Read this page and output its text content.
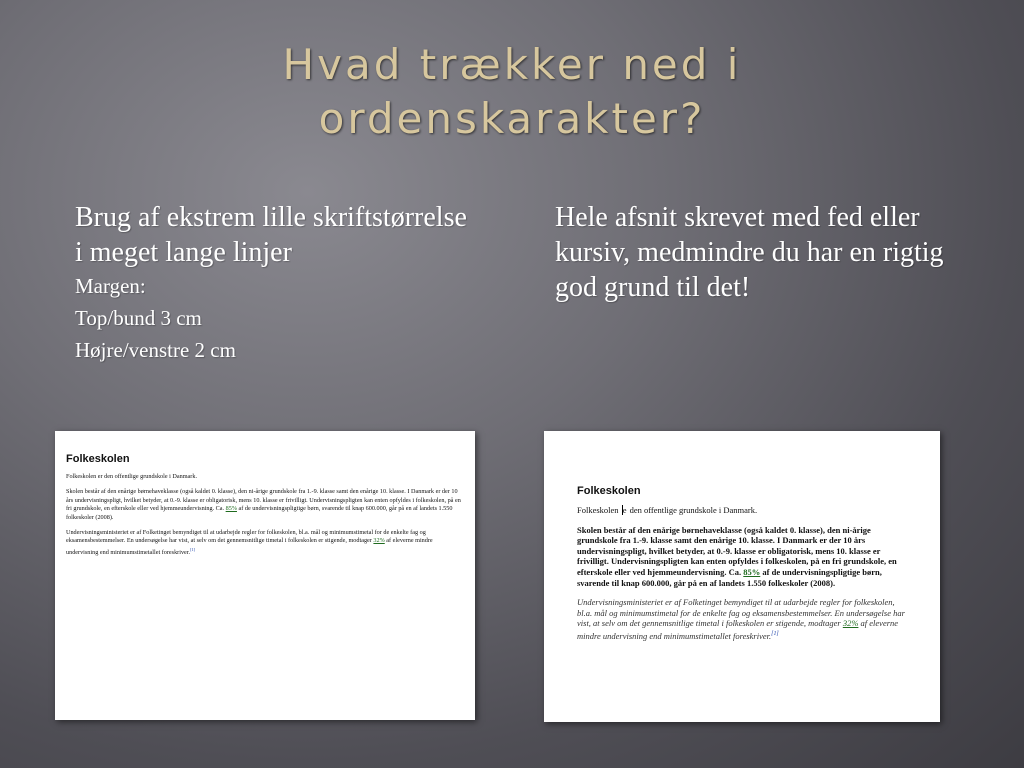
Hvad trækker ned i
ordenskarakter?
Brug af ekstrem lille skriftstørrelse i meget lange linjer
Margen:
Top/bund 3 cm
Højre/venstre 2 cm
Hele afsnit skrevet med fed eller kursiv, medmindre du har en rigtig god grund til det!

Folkeskolen

Folkeskolen er den offentlige grundskole i Danmark.

Skolen består af den enårige børnehaveklasse (også kaldet 0. klasse), den ni-årige grundskole fra 1.-9. klasse samt den enårige 10. klasse. I Danmark er der 10 års undervisningspligt, hvilket betyder, at 0.-9. klasse er obligatorisk, mens 10. klasse er frivilligt. Undervisningspligten kan enten opfyldes i folkeskolen, på en fri grundskole, en efterskole eller ved hjemmeundervisning. Ca. 85% af de undervisningspligtige børn, svarende til knap 600.000, går på en af landets 1.550 folkeskoler (2008).

Undervisningsministeriet er af Folketinget bemyndiget til at udarbejde regler for folkeskolen, bl.a. mål og minimumstimetal for de enkelte fag og eksamensbestemmelser. En undersøgelse har vist, at selv om det gennemsnitlige timetal i folkeskolen er stigende, modtager 32% af eleverne mindre undervisning end minimumstimetallet foreskriver.[1]

Folkeskolen

Folkeskolen e den offentlige grundskole i Danmark.

Skolen består af den enårige børnehaveklasse (også kaldet 0. klasse), den ni-årige grundskole fra 1.-9. klasse samt den enårige 10. klasse. I Danmark er der 10 års undervisningspligt, hvilket betyder, at 0.-9. klasse er obligatorisk, mens 10. klasse er frivilligt. Undervisningspligten kan enten opfyldes i folkeskolen, på en fri grundskole, en efterskole eller ved hjemmeundervisning. Ca. 85% af de undervisningspligtige børn, svarende til knap 600.000, går på en af landets 1.550 folkeskoler (2008).

Undervisningsministeriet er af Folketinget bemyndiget til at udarbejde regler for folkeskolen, bl.a. mål og minimumstimetal for de enkelte fag og eksamensbestemmelser. En undersøgelse har vist, at selv om det gennemsnitlige timetal i folkeskolen er stigende, modtager 32% af eleverne mindre undervisning end minimumstimetallet foreskriver.[1]
